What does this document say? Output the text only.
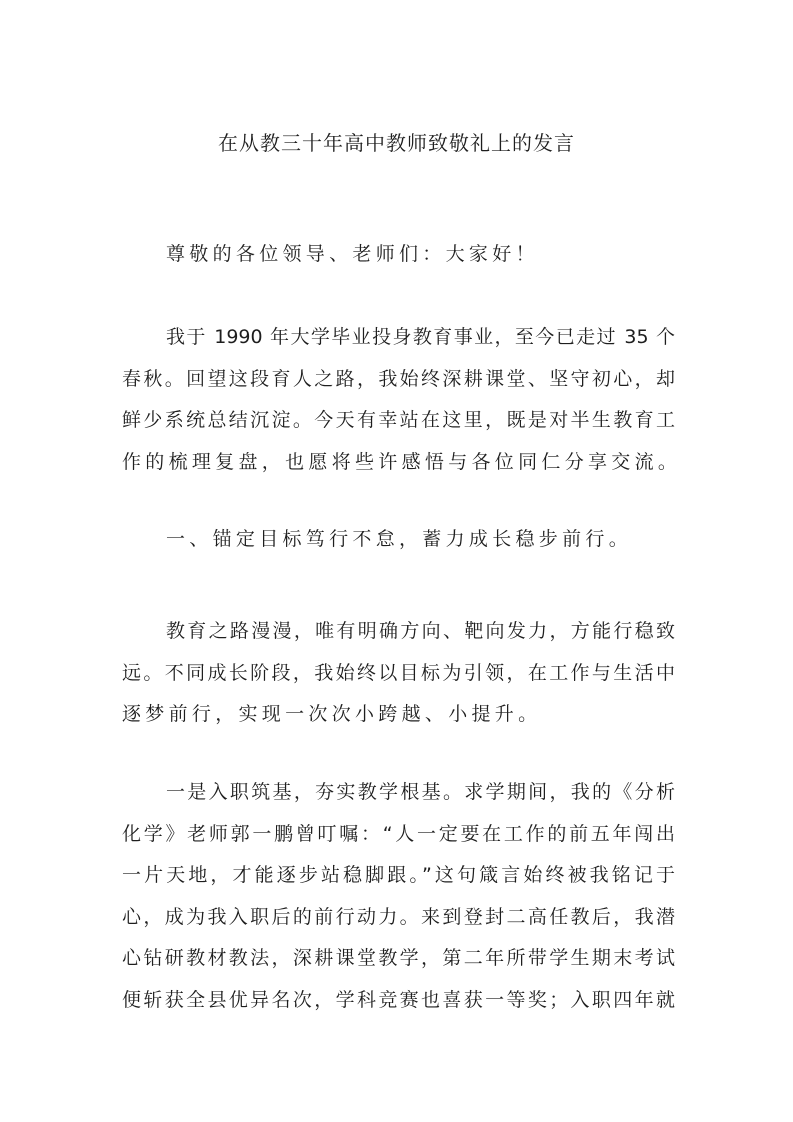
在从教三十年高中教师致敬礼上的发言
尊敬的各位领导、老师们：大家好！
我于 1990 年大学毕业投身教育事业，至今已走过 35 个
春秋。回望这段育人之路，我始终深耕课堂、坚守初心，却
鲜少系统总结沉淀。今天有幸站在这里，既是对半生教育工
作的梳理复盘，也愿将些许感悟与各位同仁分享交流。
一、锚定目标笃行不怠，蓄力成长稳步前行。
教育之路漫漫，唯有明确方向、靶向发力，方能行稳致
远。不同成长阶段，我始终以目标为引领，在工作与生活中
逐梦前行，实现一次次小跨越、小提升。
一是入职筑基，夯实教学根基。求学期间，我的《分析
化学》老师郭一鹏曾叮嘱：“人一定要在工作的前五年闯出
一片天地，才能逐步站稳脚跟。”这句箴言始终被我铭记于
心，成为我入职后的前行动力。来到登封二高任教后，我潜
心钻研教材教法，深耕课堂教学，第二年所带学生期末考试
便斩获全县优异名次，学科竞赛也喜获一等奖；入职四年就
